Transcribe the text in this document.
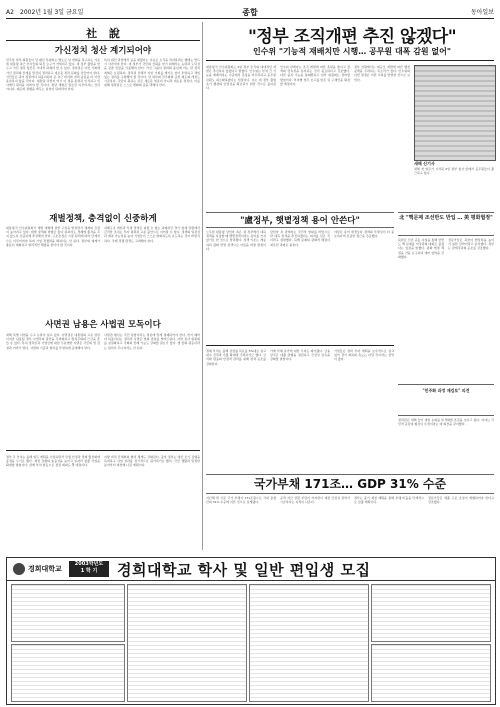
A2 2002년 1월 3일 금요일	종합	동아일보
社 說
가신정치 청산 계기되어야
민주당 일부 의원들이 당 쇄신 특위와는 별도로 당 개혁을 촉구하는 가운데 대통령 측근 인사들의 퇴진 요구가 거세지고 있다. 새 정부 출범을 앞두고 가신 정치 청산은 시대적 과제라 할 수 있다. 정치권은 이번 기회에 가신 정치의 잔재를 말끔히 정리하고 새로운 정치 문화를 만들어야 한다. 국민들은 과거 정권마다 되풀이되어 온 측근 비리와 권력 남용을 더 이상 용납하지 않을 것이다. 대통령 당선자 역시 이 점을 분명히 인식하고 인사에서 원칙을 지켜야 할 것이다. 정당 개혁은 말로만 이루어지는 것이 아니다. 제도와 관행을 바꾸는 실천이 뒤따라야 한다.
특히 대선 과정에서 공을 세웠다는 이유로 요직을 차지하려는 행태는 반드시 사라져야 한다. 새 정부가 국민의 신뢰를 얻기 위해서는 능력과 도덕성을 갖춘 인물을 기용해야 한다. 가신 그룹이 권력의 중심에 서는 한 정치 개혁은 요원하다. 정치권 전체가 이번 기회를 계기로 삼아 투명하고 책임 있는 정치를 구현해야 할 것이다. 당 내부의 민주화와 공천 제도의 개선도 시급하다. 국민이 원하는 것은 새로운 얼굴이 아니라 새로운 정치다. 이를 위해 정치권은 스스로 변화의 길을 택해야 한다.
재벌정책, 충격없이 신중하게
대통령직 인수위원회가 재벌 개혁에 관한 구상을 밝히면서 재계의 긴장이 높아지고 있다. 재벌 정책의 방향은 옳다 하더라도 경제에 충격을 주지 않도록 신중하게 추진해야 한다. 구조조정은 시장 원리에 따라 단계적으로 이루어져야 하며 기업 경쟁력을 해쳐서는 안 된다. 정부와 재계가 충분히 대화하고 합리적인 해법을 찾아야 할 것이다.
지배구조 개선과 투명 경영은 피할 수 없는 과제지만 경기 침체 상황에서 급격한 조치는 투자 위축과 고용 불안으로 이어질 수 있다. 정책의 일관성과 예측 가능성을 높여 기업들이 스스로 변화하도록 유도하는 것이 바람직하다. 국제 경쟁 환경도 고려해야 한다.
사면권 남용은 사법권 모독이다
새해 특별 사면을 두고 논란이 일고 있다. 사면권은 대통령의 고유 권한이지만 남용될 경우 사법부의 판단을 무력화하고 법치주의의 근간을 흔들 수 있다. 특히 정치인과 기업인에 대한 무분별한 사면은 국민의 법 감정과 거리가 멀다. 사면의 기준과 절차를 투명하게 공개해야 한다.
사면권 행사는 국민 통합이라는 명분에 맞게 절제되어야 한다. 선거 때마다 되풀이되는 정치적 사면은 법의 권위를 떨어뜨린다. 사면 심사 위원회를 실질화하고 국회의 견제 기능도 강화할 필요가 있다. 법 앞의 평등이라는 원칙이 무너져서는 안 된다.
정부 각 부처는 올해 업무 계획을 수립하면서 민생 안정과 경제 활성화에 중점을 두기로 했다. 재정 집행의 효율성을 높이고 일자리 창출 사업을 확대할 방침이다. 관계 부처 합동으로 점검 회의도 열 예정이다.
지방 자치 단체와의 협력 체계도 강화된다. 중앙 정부는 예산 조기 집행을 독려하고 사업 성과를 정기적으로 평가하기로 했다. 국민 생활과 밀접한 분야부터 개선해 나갈 계획이다.
"정부 조직개편 추진 않겠다"
인수위 "기능적 재배치만 시행… 공무원 대폭 감원 없어"
대통령직 인수위원회는 2일 정부 조직의 대대적인 개편은 추진하지 않겠다고 밝혔다. 인수위는 부처 간 기능을 재배치하는 수준에서 조정을 마무리하고 공무원 감원도 최소화하겠다는 입장이다. 이는 새 정부 출범 초기 행정의 안정성을 확보하기 위한 것으로 풀이된다.
인수위 관계자는 조직 개편에 따른 혼란을 줄이고 정책의 연속성을 유지하는 것이 중요하다고 강조했다. 다만 중복 기능을 통폐합하고 일부 위원회는 정비할 방침이다. 부처별 업무 보고를 받은 뒤 구체안을 확정할 예정이다.
정부 안팎에서는 대규모 개편에 따른 행정 공백을 우려하는 목소리가 컸다. 인수위의 이번 결정은 이런 우려를 반영한 것으로 보인다.
새해 신기사
새해 첫 업무가 시작된 2일 정부 청사 앞에서 공무원들이 출근하고 있다.
"盧정부, 햇볕정책 용어 안쓴다"
노무현 대통령 당선자 측은 새 정부에서 대북 정책을 지칭할 때 햇볕정책이라는 용어를 쓰지 않기로 한 것으로 알려졌다. 정책 기조는 계승하되 평화 번영 정책으로 이름을 바꿀 방침이다.
당선자 측 관계자는 국민적 합의를 바탕으로 한 대북 정책을 추진하겠다는 의지를 담은 것이라고 설명했다. 북핵 문제의 평화적 해결이 최우선 과제로 꼽힌다.
야당은 용어 변경보다 정책의 투명성이 더 중요하다며 신중한 접근을 주문했다.
北 "핵문제 조선반도 반입 … 美 평화협정"
북한은 신년 공동 사설을 통해 한반도 핵 문제를 미국과의 대화로 풀겠다는 입장을 밝혔다. 평화 협정 체결을 거듭 요구하며 대미 압박을 강화했다.
전문가들은 북한이 협상력을 높이기 위한 전략이라고 분석했다. 정부는 관계국과의 공조를 강조했다.
"민주화 과정 재검토" 의견
정치권은 새해 들어 개헌 논의를 본격화할 조짐을 보이고 있다. 여야는 국민적 공감대 형성이 우선이라는 데 의견을 같이했다.
경제 부처는 올해 성장률 목표를 5%대로 잡고 내수 진작과 수출 확대에 주력하기로 했다. 금리와 환율의 안정적 관리를 위해 정책 공조를 강화한다.
가계 부채 증가에 대한 우려도 제기됐다. 금융 당국은 대출 관행을 점검하고 건전성 감독을 강화할 방침이다.
기업들은 설비 투자 계획을 보수적으로 잡고 있어 경기 회복의 속도는 더딜 것이라는 전망이 많다.
국가부채 171조… GDP 31% 수준
지난해 말 기준 국가 부채가 171조원으로 국내 총생산의 31% 수준에 이른 것으로 집계됐다.
공적 자금 상환 부담이 커지면서 재정 건전성 관리가 시급하다는 지적이 나온다.
정부는 중기 재정 계획을 통해 부채 비율을 단계적으로 낮출 계획이다.
전문가들은 세출 구조 조정이 병행되어야 한다고 강조했다.
경희대학교
2003학년도
1 학 기	경희대학교 학사 및 일반 편입생 모집
